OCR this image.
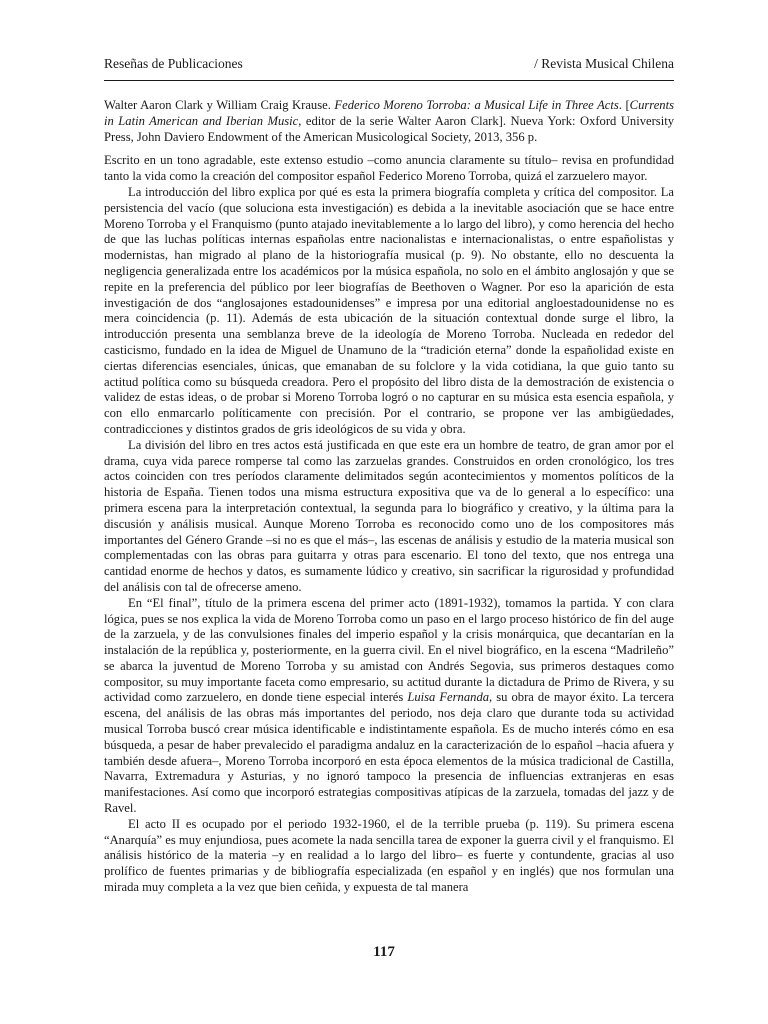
Reseñas de Publicaciones	/ Revista Musical Chilena

Walter Aaron Clark y William Craig Krause. Federico Moreno Torroba: a Musical Life in Three Acts. [Currents in Latin American and Iberian Music, editor de la serie Walter Aaron Clark]. Nueva York: Oxford University Press, John Daviero Endowment of the American Musicological Society, 2013, 356 p.

Escrito en un tono agradable, este extenso estudio –como anuncia claramente su título– revisa en profundidad tanto la vida como la creación del compositor español Federico Moreno Torroba, quizá el zarzuelero mayor.

La introducción del libro explica por qué es esta la primera biografía completa y crítica del compositor. La persistencia del vacío (que soluciona esta investigación) es debida a la inevitable asociación que se hace entre Moreno Torroba y el Franquismo (punto atajado inevitablemente a lo largo del libro), y como herencia del hecho de que las luchas políticas internas españolas entre nacionalistas e internacionalistas, o entre españolistas y modernistas, han migrado al plano de la historiografía musical (p. 9). No obstante, ello no descuenta la negligencia generalizada entre los académicos por la música española, no solo en el ámbito anglosajón y que se repite en la preferencia del público por leer biografías de Beethoven o Wagner. Por eso la aparición de esta investigación de dos “anglosajones estadounidenses” e impresa por una editorial angloestadounidense no es mera coincidencia (p. 11). Además de esta ubicación de la situación contextual donde surge el libro, la introducción presenta una semblanza breve de la ideología de Moreno Torroba. Nucleada en rededor del casticismo, fundado en la idea de Miguel de Unamuno de la “tradición eterna” donde la españolidad existe en ciertas diferencias esenciales, únicas, que emanaban de su folclore y la vida cotidiana, la que guio tanto su actitud política como su búsqueda creadora. Pero el propósito del libro dista de la demostración de existencia o validez de estas ideas, o de probar si Moreno Torroba logró o no capturar en su música esta esencia española, y con ello enmarcarlo políticamente con precisión. Por el contrario, se propone ver las ambigüedades, contradicciones y distintos grados de gris ideológicos de su vida y obra.

La división del libro en tres actos está justificada en que este era un hombre de teatro, de gran amor por el drama, cuya vida parece romperse tal como las zarzuelas grandes. Construidos en orden cronológico, los tres actos coinciden con tres períodos claramente delimitados según acontecimientos y momentos políticos de la historia de España. Tienen todos una misma estructura expositiva que va de lo general a lo específico: una primera escena para la interpretación contextual, la segunda para lo biográfico y creativo, y la última para la discusión y análisis musical. Aunque Moreno Torroba es reconocido como uno de los compositores más importantes del Género Grande –si no es que el más–, las escenas de análisis y estudio de la materia musical son complementadas con las obras para guitarra y otras para escenario. El tono del texto, que nos entrega una cantidad enorme de hechos y datos, es sumamente lúdico y creativo, sin sacrificar la rigurosidad y profundidad del análisis con tal de ofrecerse ameno.

En “El final”, título de la primera escena del primer acto (1891-1932), tomamos la partida. Y con clara lógica, pues se nos explica la vida de Moreno Torroba como un paso en el largo proceso histórico de fin del auge de la zarzuela, y de las convulsiones finales del imperio español y la crisis monárquica, que decantarían en la instalación de la república y, posteriormente, en la guerra civil. En el nivel biográfico, en la escena “Madrileño” se abarca la juventud de Moreno Torroba y su amistad con Andrés Segovia, sus primeros destaques como compositor, su muy importante faceta como empresario, su actitud durante la dictadura de Primo de Rivera, y su actividad como zarzuelero, en donde tiene especial interés Luisa Fernanda, su obra de mayor éxito. La tercera escena, del análisis de las obras más importantes del periodo, nos deja claro que durante toda su actividad musical Torroba buscó crear música identificable e indistintamente española. Es de mucho interés cómo en esa búsqueda, a pesar de haber prevalecido el paradigma andaluz en la caracterización de lo español –hacia afuera y también desde afuera–, Moreno Torroba incorporó en esta época elementos de la música tradicional de Castilla, Navarra, Extremadura y Asturias, y no ignoró tampoco la presencia de influencias extranjeras en esas manifestaciones. Así como que incorporó estrategias compositivas atípicas de la zarzuela, tomadas del jazz y de Ravel.

El acto II es ocupado por el periodo 1932-1960, el de la terrible prueba (p. 119). Su primera escena “Anarquía” es muy enjundiosa, pues acomete la nada sencilla tarea de exponer la guerra civil y el franquismo. El análisis histórico de la materia –y en realidad a lo largo del libro– es fuerte y contundente, gracias al uso prolífico de fuentes primarias y de bibliografía especializada (en español y en inglés) que nos formulan una mirada muy completa a la vez que bien ceñida, y expuesta de tal manera

117
